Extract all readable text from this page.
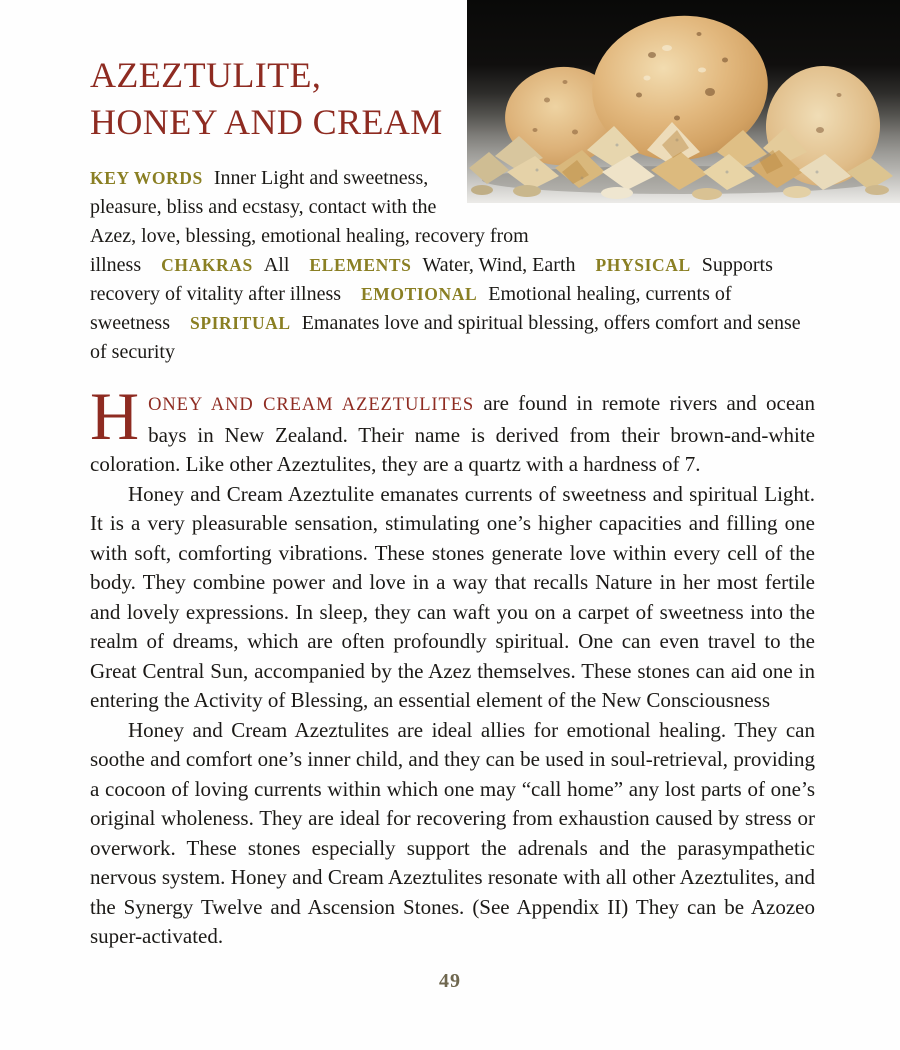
AZEZTULITE,
HONEY AND CREAM

KEY WORDS Inner Light and sweetness, pleasure, bliss and ecstasy, contact with the Azez, love, blessing, emotional healing, recovery from illness CHAKRAS All ELEMENTS Water, Wind, Earth PHYSICAL Supports recovery of vitality after illness EMOTIONAL Emotional healing, currents of sweetness SPIRITUAL Emanates love and spiritual blessing, offers comfort and sense of security

HONEY AND CREAM AZEZTULITES are found in remote rivers and ocean bays in New Zealand. Their name is derived from their brown-and-white coloration. Like other Azeztulites, they are a quartz with a hardness of 7.

Honey and Cream Azeztulite emanates currents of sweetness and spiritual Light. It is a very pleasurable sensation, stimulating one’s higher capacities and filling one with soft, comforting vibrations. These stones generate love within every cell of the body. They combine power and love in a way that recalls Nature in her most fertile and lovely expressions. In sleep, they can waft you on a carpet of sweetness into the realm of dreams, which are often profoundly spiritual. One can even travel to the Great Central Sun, accompanied by the Azez themselves. These stones can aid one in entering the Activity of Blessing, an essential element of the New Consciousness

Honey and Cream Azeztulites are ideal allies for emotional healing. They can soothe and comfort one’s inner child, and they can be used in soul-retrieval, providing a cocoon of loving currents within which one may “call home” any lost parts of one’s original wholeness. They are ideal for recovering from exhaustion caused by stress or overwork. These stones especially support the adrenals and the parasympathetic nervous system. Honey and Cream Azeztulites resonate with all other Azeztulites, and the Synergy Twelve and Ascension Stones. (See Appendix II) They can be Azozeo super-activated.

49
